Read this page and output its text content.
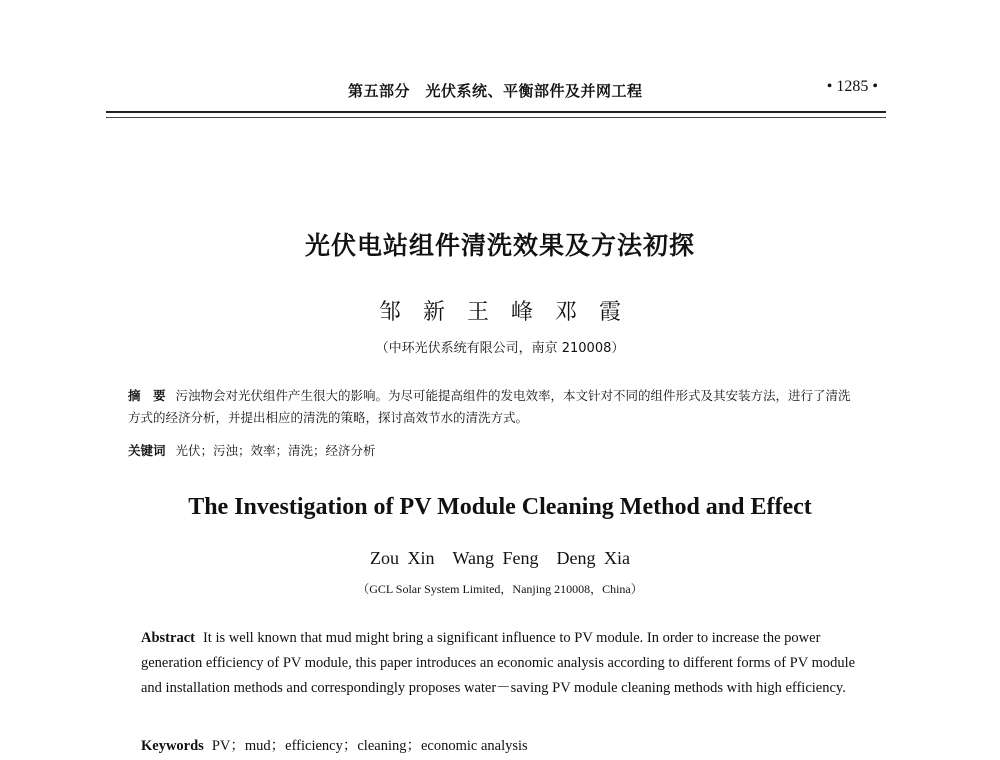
第五部分　光伏系统、平衡部件及并网工程	• 1285 •
光伏电站组件清洗效果及方法初探
邹　新　王　峰　邓　霞
（中环光伏系统有限公司，南京 210008）
摘　要 污浊物会对光伏组件产生很大的影响。为尽可能提高组件的发电效率，本文针对不同的组件形式及其安装方法，进行了清洗方式的经济分析，并提出相应的清洗的策略，探讨高效节水的清洗方式。
关键词 光伏；污浊；效率；清洗；经济分析
The Investigation of PV Module Cleaning Method and Effect
Zou Xin　Wang Feng　Deng Xia
（GCL Solar System Limited，Nanjing 210008，China）
Abstract It is well known that mud might bring a significant influence to PV module. In order to increase the power generation efficiency of PV module, this paper introduces an economic analysis according to different forms of PV module and installation methods and correspondingly proposes water－saving PV module cleaning methods with high efficiency.
Keywords PV；mud；efficiency；cleaning；economic analysis
